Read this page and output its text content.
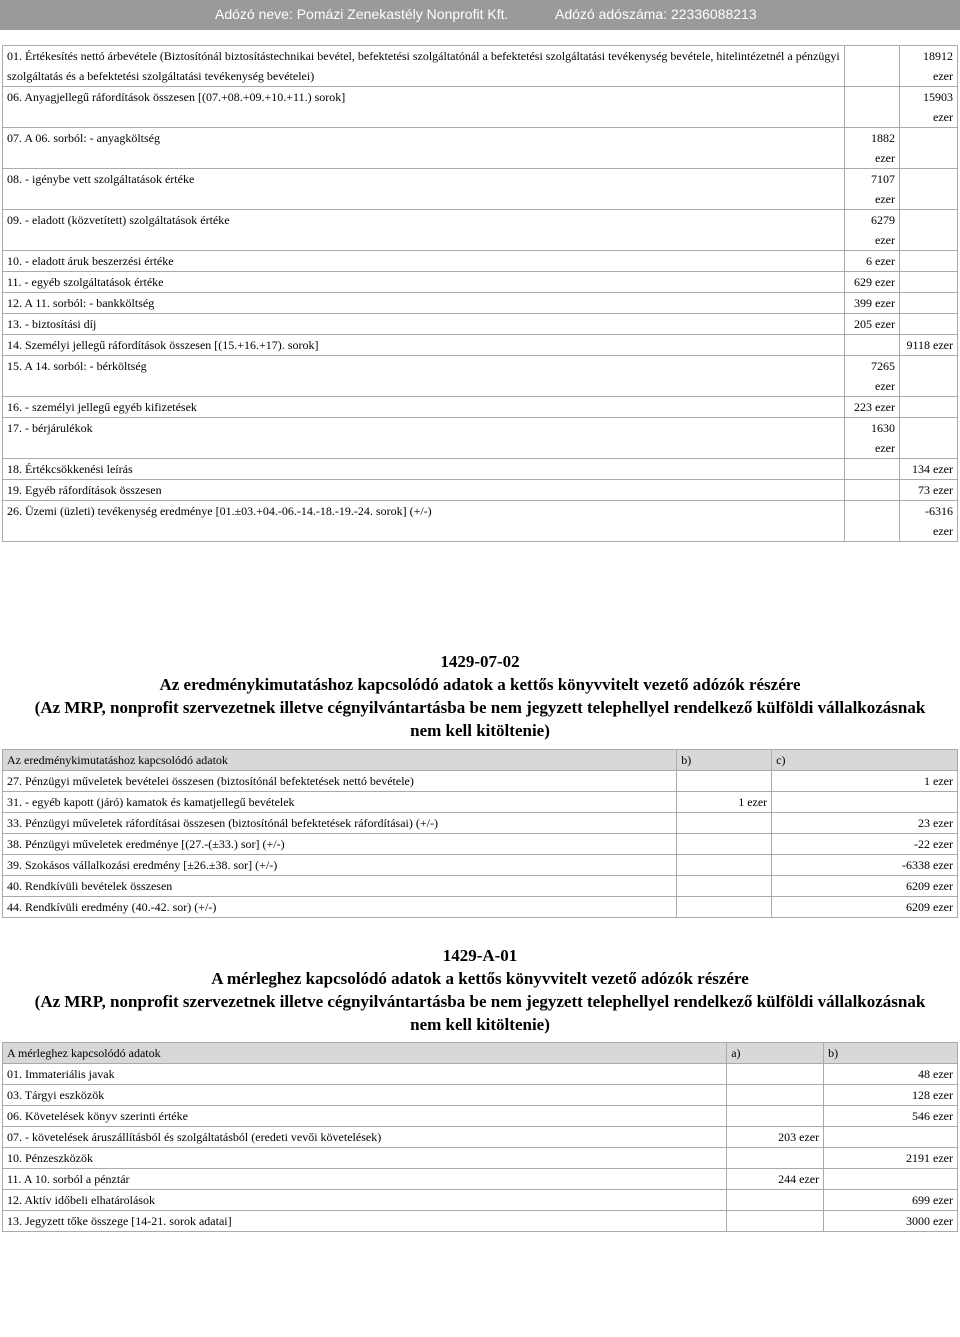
Adózó neve: Pomázi Zenekastély Nonprofit Kft.	Adózó adószáma: 22336088213
01. Értékesítés nettó árbevétele (Biztosítónál biztosítástechnikai bevétel, befektetési szolgáltatónál a befektetési szolgáltatási tevékenység bevétele, hitelintézetnél a pénzügyi szolgáltatás és a befektetési szolgáltatási tevékenység bevételei)		18912 ezer
06. Anyagjellegű ráfordítások összesen [(07.+08.+09.+10.+11.) sorok]		15903 ezer
07. A 06. sorból: - anyagköltség	1882 ezer	
08. - igénybe vett szolgáltatások értéke	7107 ezer	
09. - eladott (közvetített) szolgáltatások értéke	6279 ezer	
10. - eladott áruk beszerzési értéke	6 ezer	
11. - egyéb szolgáltatások értéke	629 ezer	
12. A 11. sorból: - bankköltség	399 ezer	
13. - biztosítási díj	205 ezer	
14. Személyi jellegű ráfordítások összesen [(15.+16.+17). sorok]		9118 ezer
15. A 14. sorból: - bérköltség	7265 ezer	
16. - személyi jellegű egyéb kifizetések	223 ezer	
17. - bérjárulékok	1630 ezer	
18. Értékcsökkenési leírás		134 ezer
19. Egyéb ráfordítások összesen		73 ezer
26. Üzemi (üzleti) tevékenység eredménye [01.±03.+04.-06.-14.-18.-19.-24. sorok] (+/-)		-6316 ezer
1429-07-02
Az eredménykimutatáshoz kapcsolódó adatok a kettős könyvvitelt vezető adózók részére
(Az MRP, nonprofit szervezetnek illetve cégnyilvántartásba be nem jegyzett telephellyel rendelkező külföldi vállalkozásnak nem kell kitöltenie)
Az eredménykimutatáshoz kapcsolódó adatok	b)	c)
27. Pénzügyi műveletek bevételei összesen (biztosítónál befektetések nettó bevétele)		1 ezer
31. - egyéb kapott (járó) kamatok és kamatjellegű bevételek	1 ezer	
33. Pénzügyi műveletek ráfordításai összesen (biztosítónál befektetések ráfordításai) (+/-)		23 ezer
38. Pénzügyi műveletek eredménye [(27.-(±33.) sor] (+/-)		-22 ezer
39. Szokásos vállalkozási eredmény [±26.±38. sor] (+/-)		-6338 ezer
40. Rendkívüli bevételek összesen		6209 ezer
44. Rendkívüli eredmény (40.-42. sor) (+/-)		6209 ezer
1429-A-01
A mérleghez kapcsolódó adatok a kettős könyvvitelt vezető adózók részére
(Az MRP, nonprofit szervezetnek illetve cégnyilvántartásba be nem jegyzett telephellyel rendelkező külföldi vállalkozásnak nem kell kitöltenie)
A mérleghez kapcsolódó adatok	a)	b)
01. Immateriális javak		48 ezer
03. Tárgyi eszközök		128 ezer
06. Követelések könyv szerinti értéke		546 ezer
07. - követelések áruszállításból és szolgáltatásból (eredeti vevői követelések)	203 ezer	
10. Pénzeszközök		2191 ezer
11. A 10. sorból a pénztár	244 ezer	
12. Aktív időbeli elhatárolások		699 ezer
13. Jegyzett tőke összege [14-21. sorok adatai]		3000 ezer
